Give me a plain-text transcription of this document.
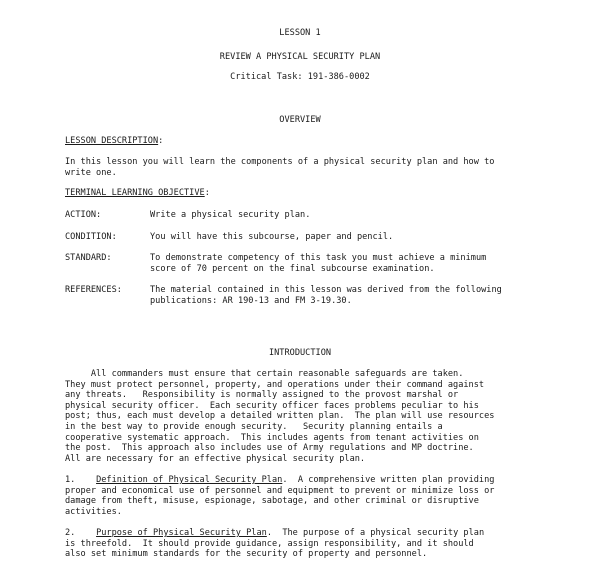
LESSON 1
REVIEW A PHYSICAL SECURITY PLAN
Critical Task: 191-386-0002
OVERVIEW
LESSON DESCRIPTION:

In this lesson you will learn the components of a physical security plan and how to

write one.

TERMINAL LEARNING OBJECTIVE:
ACTION:	Write a physical security plan.

CONDITION:	You will have this subcourse, paper and pencil.

STANDARD:	To demonstrate competency of this task you must achieve a minimum

score of 70 percent on the final subcourse examination.

REFERENCES:	The material contained in this lesson was derived from the following

publications: AR 190-13 and FM 3-19.30.

INTRODUCTION

All commanders must ensure that certain reasonable safeguards are taken.

They must protect personnel, property, and operations under their command against

any threats.   Responsibility is normally assigned to the provost marshal or

physical security officer.  Each security officer faces problems peculiar to his

post; thus, each must develop a detailed written plan.  The plan will use resources

in the best way to provide enough security.   Security planning entails a

cooperative systematic approach.  This includes agents from tenant activities on

the post.  This approach also includes use of Army regulations and MP doctrine.

All are necessary for an effective physical security plan.

1. Definition of Physical Security Plan.  A comprehensive written plan providing

proper and economical use of personnel and equipment to prevent or minimize loss or

damage from theft, misuse, espionage, sabotage, and other criminal or disruptive

activities.

2. Purpose of Physical Security Plan.  The purpose of a physical security plan

is threefold.  It should provide guidance, assign responsibility, and it should

also set minimum standards for the security of property and personnel.
